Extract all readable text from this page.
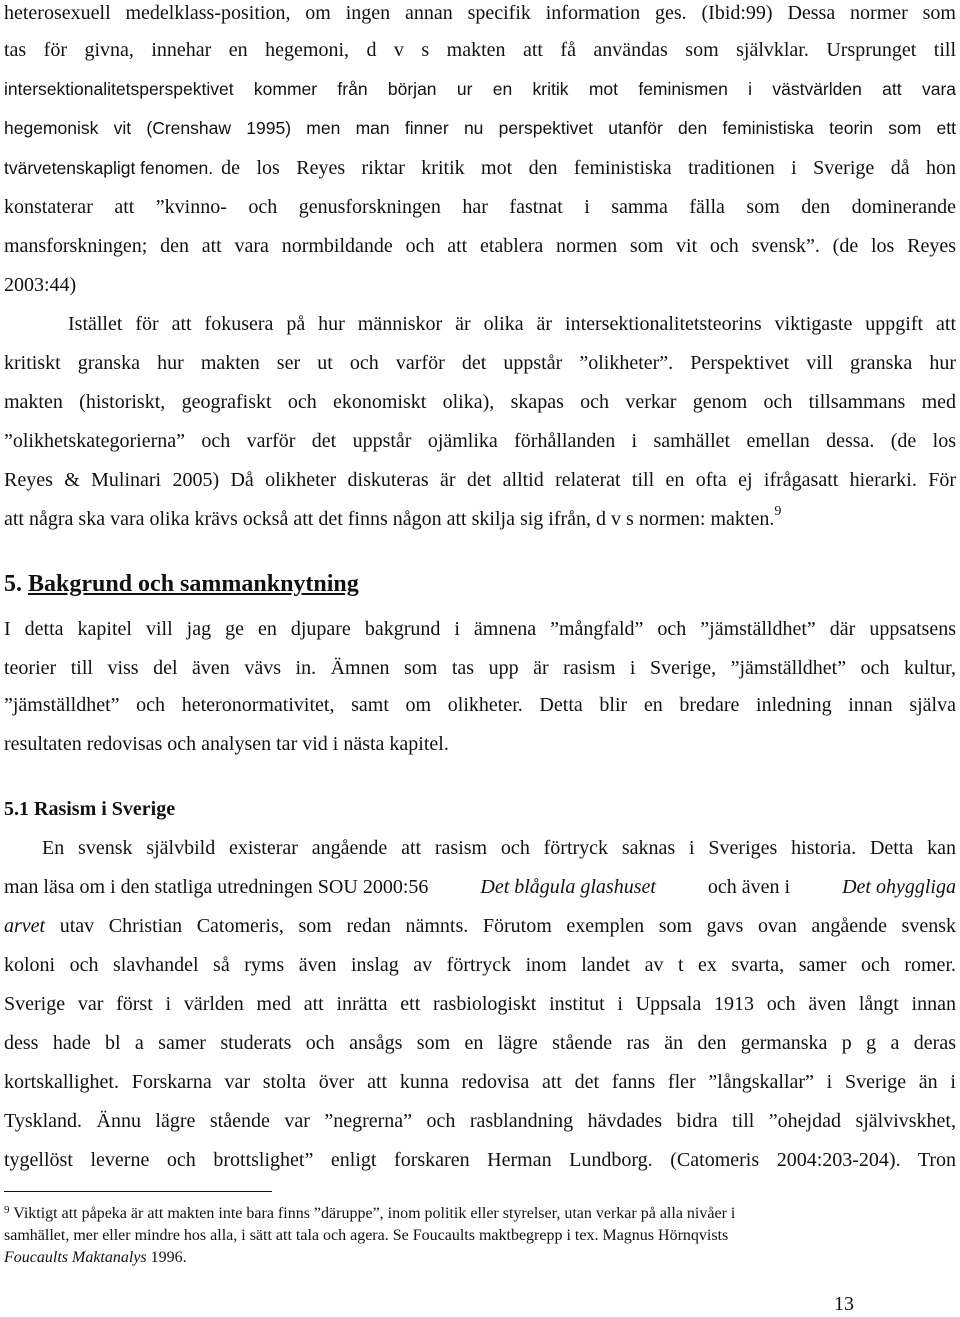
heterosexuell medelklass-position, om ingen annan specifik information ges. (Ibid:99) Dessa normer som
tas för givna, innehar en hegemoni, d v s makten att få användas som självklar. Ursprunget till
intersektionalitetsperspektivet kommer från början ur en kritik mot feminismen i västvärlden att vara
hegemonisk vit (Crenshaw 1995) men man finner nu perspektivet utanför den feministiska teorin som ett
tvärvetenskapligt fenomen. de los Reyes riktar kritik mot den feministiska traditionen i Sverige då hon
konstaterar att ”kvinno- och genusforskningen har fastnat i samma fälla som den dominerande
mansforskningen; den att vara normbildande och att etablera normen som vit och svensk”. (de los Reyes
2003:44)
Istället för att fokusera på hur människor är olika är intersektionalitetsteorins viktigaste uppgift att
kritiskt granska hur makten ser ut och varför det uppstår ”olikheter”. Perspektivet vill granska hur
makten (historiskt, geografiskt och ekonomiskt olika), skapas och verkar genom och tillsammans med
”olikhetskategorierna” och varför det uppstår ojämlika förhållanden i samhället emellan dessa. (de los
Reyes & Mulinari 2005) Då olikheter diskuteras är det alltid relaterat till en ofta ej ifrågasatt hierarki. För
att några ska vara olika krävs också att det finns någon att skilja sig ifrån, d v s normen: makten.$^9$
5. Bakgrund och sammanknytning
I detta kapitel vill jag ge en djupare bakgrund i ämnena ”mångfald” och ”jämställdhet” där uppsatsens
teorier till viss del även vävs in. Ämnen som tas upp är rasism i Sverige, ”jämställdhet” och kultur,
”jämställdhet” och heteronormativitet, samt om olikheter. Detta blir en bredare inledning innan själva
resultaten redovisas och analysen tar vid i nästa kapitel.
5.1 Rasism i Sverige
En svensk självbild existerar angående att rasism och förtryck saknas i Sveriges historia. Detta kan
man läsa om i den statliga utredningen SOU 2000:56	Det blågula glashuset	och även i	Det ohyggliga
arvet utav Christian Catomeris, som redan nämnts. Förutom exemplen som gavs ovan angående svensk
koloni och slavhandel så ryms även inslag av förtryck inom landet av t ex svarta, samer och romer.
Sverige var först i världen med att inrätta ett rasbiologiskt institut i Uppsala 1913 och även långt innan
dess hade bl a samer studerats och ansågs som en lägre stående ras än den germanska p g a deras
kortskallighet. Forskarna var stolta över att kunna redovisa att det fanns fler ”långskallar” i Sverige än i
Tyskland. Ännu lägre stående var ”negrerna” och rasblandning hävdades bidra till ”ohejdad självivskhet,
tygellöst leverne och brottslighet” enligt forskaren Herman Lundborg. (Catomeris 2004:203-204). Tron
$^9$ Viktigt att påpeka är att makten inte bara finns ”däruppe”, inom politik eller styrelser, utan verkar på alla nivåer i
samhället, mer eller mindre hos alla, i sätt att tala och agera. Se Foucaults maktbegrepp i tex. Magnus Hörnqvists
Foucaults Maktanalys 1996.
13
